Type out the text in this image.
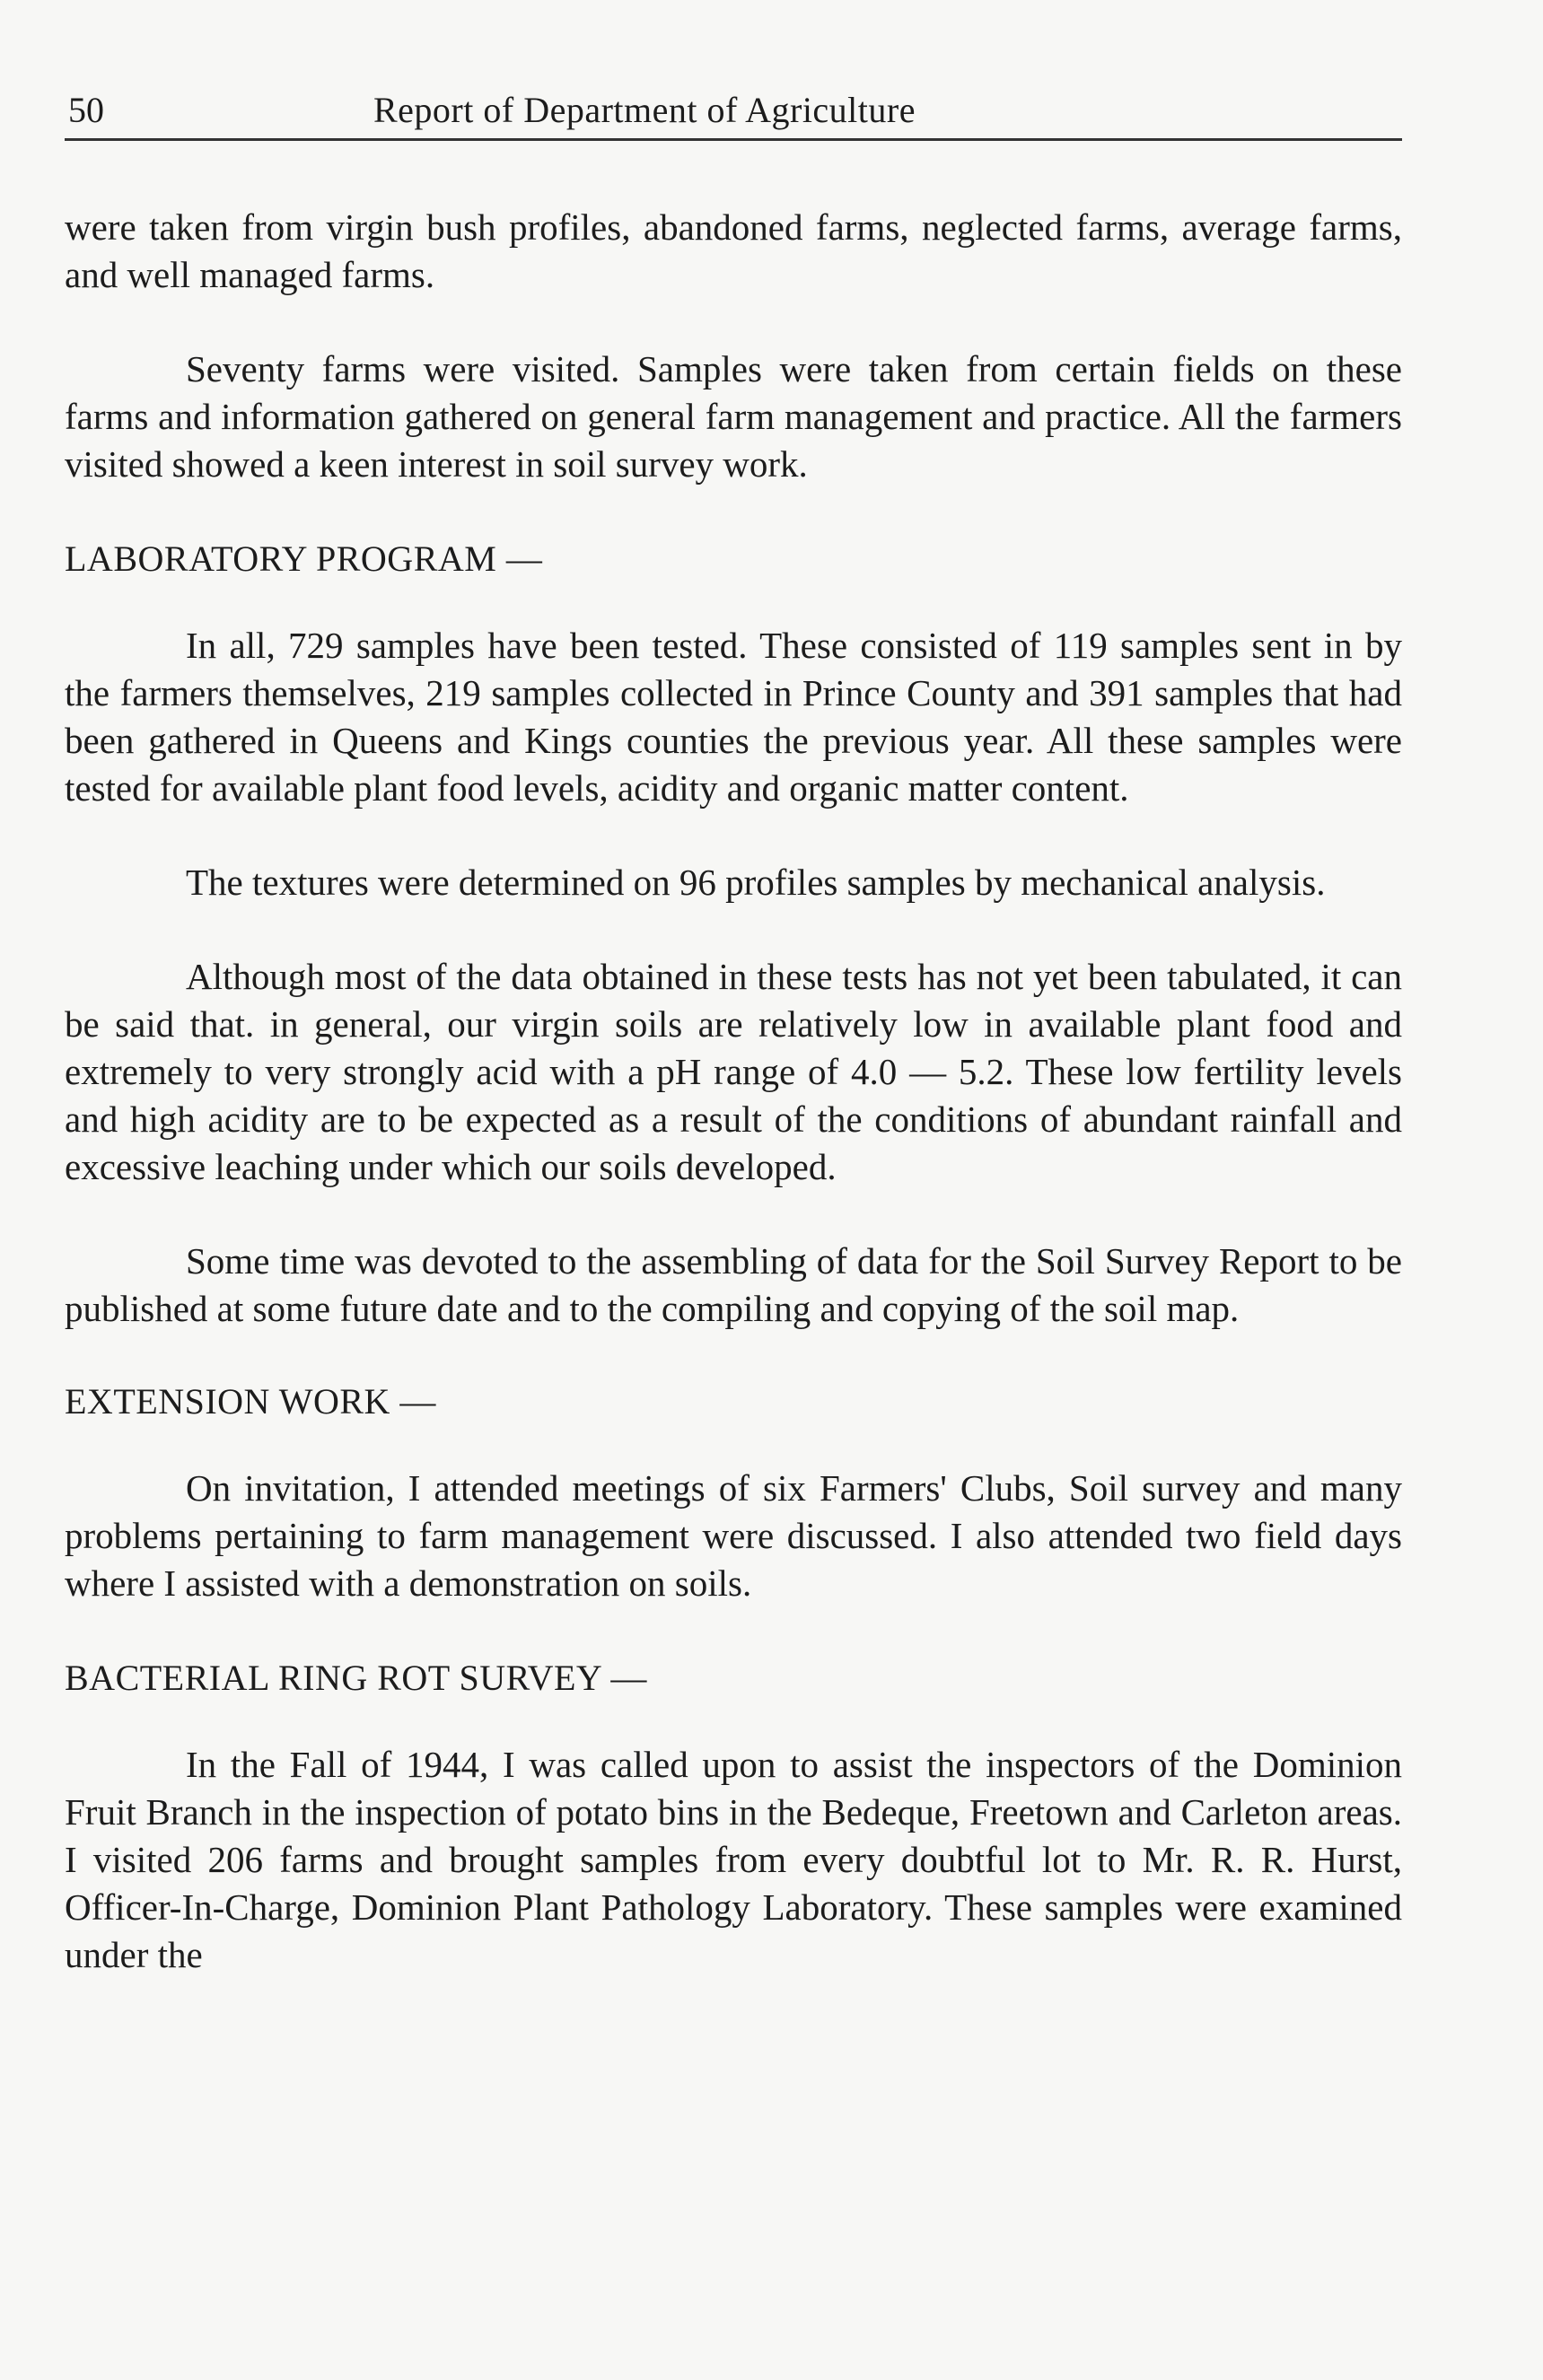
50	Report of Department of Agriculture

were taken from virgin bush profiles, abandoned farms, neglected farms, average farms, and well managed farms.

Seventy farms were visited. Samples were taken from certain fields on these farms and information gathered on general farm management and practice. All the farmers visited showed a keen interest in soil survey work.

LABORATORY PROGRAM —

In all, 729 samples have been tested. These consisted of 119 samples sent in by the farmers themselves, 219 samples collected in Prince County and 391 samples that had been gathered in Queens and Kings counties the previous year. All these samples were tested for available plant food levels, acidity and organic matter content.

The textures were determined on 96 profiles samples by mechanical analysis.

Although most of the data obtained in these tests has not yet been tabulated, it can be said that. in general, our virgin soils are relatively low in available plant food and extremely to very strongly acid with a pH range of 4.0 — 5.2. These low fertility levels and high acidity are to be expected as a result of the conditions of abundant rainfall and excessive leaching under which our soils developed.

Some time was devoted to the assembling of data for the Soil Survey Report to be published at some future date and to the compiling and copying of the soil map.

EXTENSION WORK —

On invitation, I attended meetings of six Farmers' Clubs, Soil survey and many problems pertaining to farm management were discussed. I also attended two field days where I assisted with a demonstration on soils.

BACTERIAL RING ROT SURVEY —

In the Fall of 1944, I was called upon to assist the inspectors of the Dominion Fruit Branch in the inspection of potato bins in the Bedeque, Freetown and Carleton areas. I visited 206 farms and brought samples from every doubtful lot to Mr. R. R. Hurst, Officer-In-Charge, Dominion Plant Pathology Laboratory. These samples were examined under the
